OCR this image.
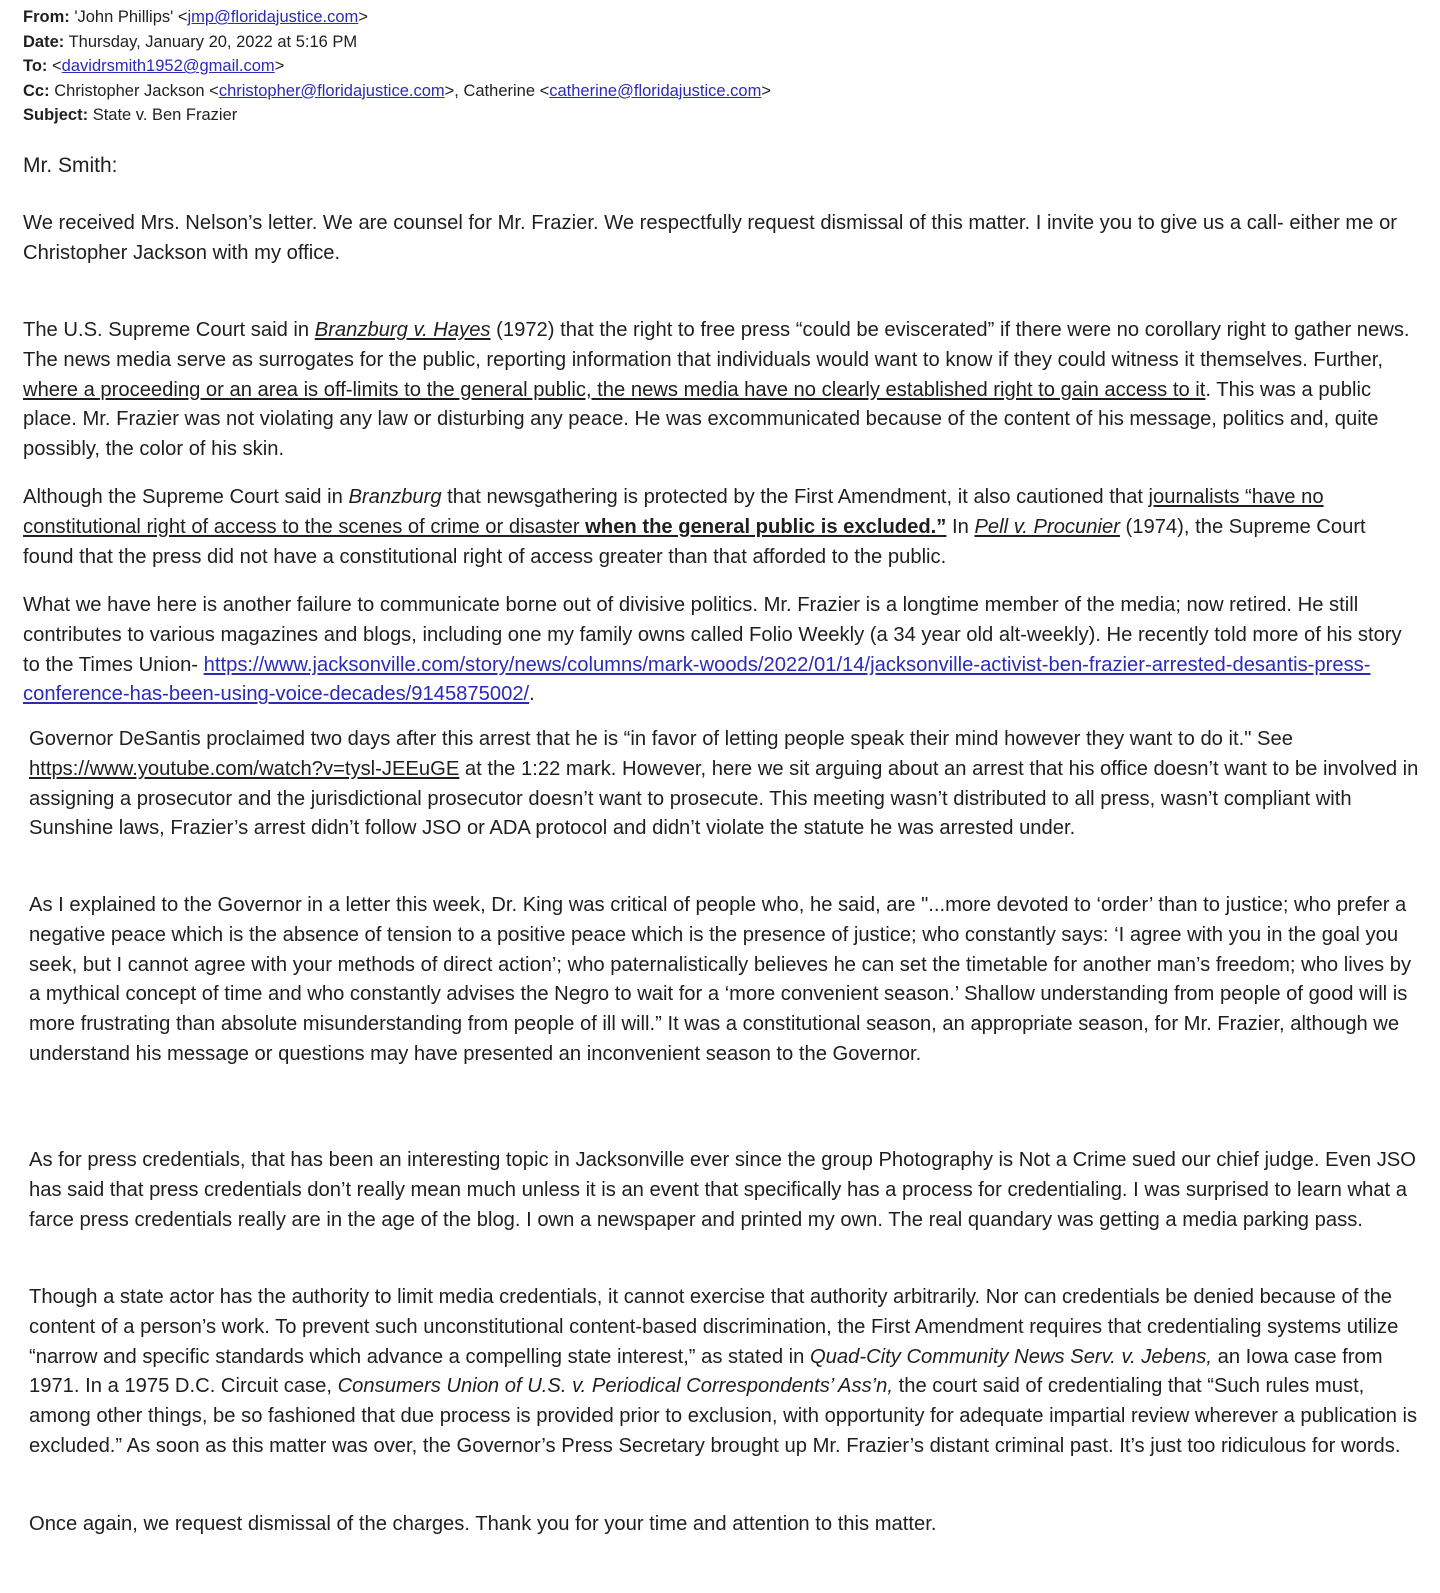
From: 'John Phillips' <jmp@floridajustice.com>
Date: Thursday, January 20, 2022 at 5:16 PM
To: <davidrsmith1952@gmail.com>
Cc: Christopher Jackson <christopher@floridajustice.com>, Catherine <catherine@floridajustice.com>
Subject: State v. Ben Frazier
Mr. Smith:

We received Mrs. Nelson’s letter. We are counsel for Mr. Frazier. We respectfully request dismissal of this matter. I invite you to give us a call- either me or Christopher Jackson with my office.

The U.S. Supreme Court said in Branzburg v. Hayes (1972) that the right to free press “could be eviscerated” if there were no corollary right to gather news. The news media serve as surrogates for the public, reporting information that individuals would want to know if they could witness it themselves. Further, where a proceeding or an area is off-limits to the general public, the news media have no clearly established right to gain access to it. This was a public place. Mr. Frazier was not violating any law or disturbing any peace. He was excommunicated because of the content of his message, politics and, quite possibly, the color of his skin.

Although the Supreme Court said in Branzburg that newsgathering is protected by the First Amendment, it also cautioned that journalists “have no constitutional right of access to the scenes of crime or disaster when the general public is excluded.” In Pell v. Procunier (1974), the Supreme Court found that the press did not have a constitutional right of access greater than that afforded to the public.

What we have here is another failure to communicate borne out of divisive politics. Mr. Frazier is a longtime member of the media; now retired. He still contributes to various magazines and blogs, including one my family owns called Folio Weekly (a 34 year old alt-weekly). He recently told more of his story to the Times Union- https://www.jacksonville.com/story/news/columns/mark-woods/2022/01/14/jacksonville-activist-ben-frazier-arrested-desantis-press-conference-has-been-using-voice-decades/9145875002/.

Governor DeSantis proclaimed two days after this arrest that he is “in favor of letting people speak their mind however they want to do it." See https://www.youtube.com/watch?v=tysl-JEEuGE at the 1:22 mark. However, here we sit arguing about an arrest that his office doesn’t want to be involved in assigning a prosecutor and the jurisdictional prosecutor doesn’t want to prosecute. This meeting wasn’t distributed to all press, wasn’t compliant with Sunshine laws, Frazier’s arrest didn’t follow JSO or ADA protocol and didn’t violate the statute he was arrested under.

As I explained to the Governor in a letter this week, Dr. King was critical of people who, he said, are "...more devoted to ‘order’ than to justice; who prefer a negative peace which is the absence of tension to a positive peace which is the presence of justice; who constantly says: ‘I agree with you in the goal you seek, but I cannot agree with your methods of direct action’; who paternalistically believes he can set the timetable for another man’s freedom; who lives by a mythical concept of time and who constantly advises the Negro to wait for a ‘more convenient season.’ Shallow understanding from people of good will is more frustrating than absolute misunderstanding from people of ill will.” It was a constitutional season, an appropriate season, for Mr. Frazier, although we understand his message or questions may have presented an inconvenient season to the Governor.

As for press credentials, that has been an interesting topic in Jacksonville ever since the group Photography is Not a Crime sued our chief judge. Even JSO has said that press credentials don’t really mean much unless it is an event that specifically has a process for credentialing. I was surprised to learn what a farce press credentials really are in the age of the blog. I own a newspaper and printed my own. The real quandary was getting a media parking pass.

Though a state actor has the authority to limit media credentials, it cannot exercise that authority arbitrarily. Nor can credentials be denied because of the content of a person’s work. To prevent such unconstitutional content-based discrimination, the First Amendment requires that credentialing systems utilize “narrow and specific standards which advance a compelling state interest,” as stated in Quad-City Community News Serv. v. Jebens, an Iowa case from 1971. In a 1975 D.C. Circuit case, Consumers Union of U.S. v. Periodical Correspondents’ Ass’n, the court said of credentialing that “Such rules must, among other things, be so fashioned that due process is provided prior to exclusion, with opportunity for adequate impartial review wherever a publication is excluded.” As soon as this matter was over, the Governor’s Press Secretary brought up Mr. Frazier’s distant criminal past. It’s just too ridiculous for words.

Once again, we request dismissal of the charges. Thank you for your time and attention to this matter.
